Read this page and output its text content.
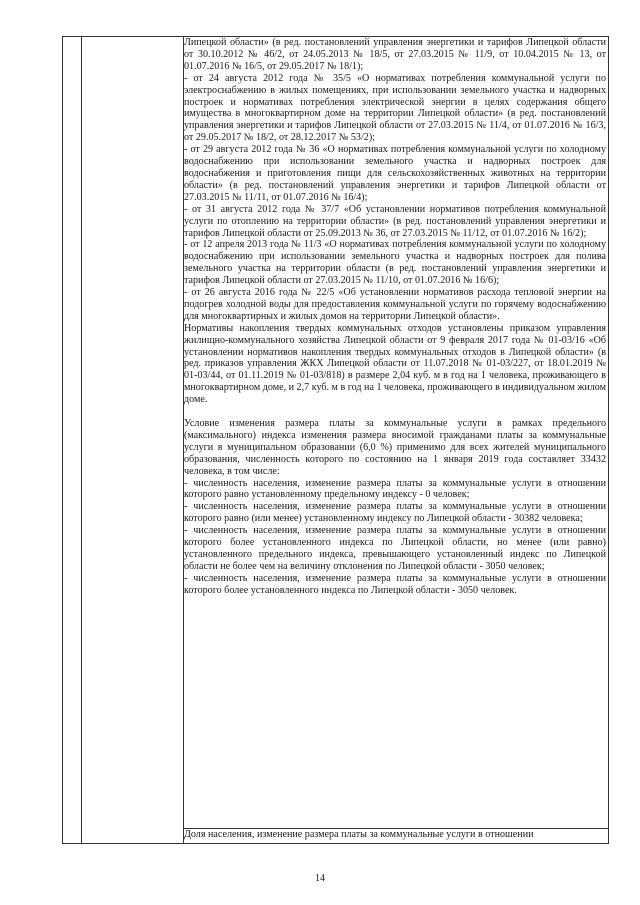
Липецкой области» (в ред. постановлений управления энергетики и тарифов Липецкой области от 30.10.2012 № 46/2, от 24.05.2013 № 18/5, от 27.03.2015 № 11/9, от 10.04.2015 № 13, от 01.07.2016 № 16/5, от 29.05.2017 № 18/1);

- от 24 августа 2012 года № 35/5 «О нормативах потребления коммунальной услуги по электроснабжению в жилых помещениях, при использовании земельного участка и надворных построек и нормативах потребления электрической энергии в целях содержания общего имущества в многоквартирном доме на территории Липецкой области» (в ред. постановлений управления энергетики и тарифов Липецкой области от 27.03.2015 № 11/4, от 01.07.2016 № 16/3, от 29.05.2017 № 18/2, от 28.12.2017 № 53/2);

- от 29 августа 2012 года № 36 «О нормативах потребления коммунальной услуги по холодному водоснабжению при использовании земельного участка и надворных построек для водоснабжения и приготовления пищи для сельскохозяйственных животных на территории области» (в ред. постановлений управления энергетики и тарифов Липецкой области от 27.03.2015 № 11/11, от 01.07.2016 № 16/4);

- от 31 августа 2012 года № 37/7 «Об установлении нормативов потребления коммунальной услуги по отоплению на территории области» (в ред. постановлений управления энергетики и тарифов Липецкой области от 25.09.2013 № 36, от 27.03.2015 № 11/12, от 01.07.2016 № 16/2);

- от 12 апреля 2013 года № 11/3 «О нормативах потребления коммунальной услуги по холодному водоснабжению при использовании земельного участка и надворных построек для полива земельного участка на территории области (в ред. постановлений управления энергетики и тарифов Липецкой области от 27.03.2015 № 11/10, от 01.07.2016 № 16/6);

- от 26 августа 2016 года № 22/5 «Об установлении нормативов расхода тепловой энергии на подогрев холодной воды для предоставления коммунальной услуги по горячему водоснабжению для многоквартирных и жилых домов на территории Липецкой области».

Нормативы накопления твердых коммунальных отходов установлены приказом управления жилищно-коммунального хозяйства Липецкой области от 9 февраля 2017 года № 01-03/16 «Об установлении нормативов накопления твердых коммунальных отходов в Липецкой области» (в ред. приказов управления ЖКХ Липецкой области от 11.07.2018 № 01-03/227, от 18.01.2019 № 01-03/44, от 01.11.2019 № 01-03/818) в размере 2,04 куб. м в год на 1 человека, проживающего в многоквартирном доме, и 2,7 куб. м в год на 1 человека, проживающего в индивидуальном жилом доме.

Условие изменения размера платы за коммунальные услуги в рамках предельного (максимального) индекса изменения размера вносимой гражданами платы за коммунальные услуги в муниципальном образовании (6,0 %) применимо для всех жителей муниципального образования, численность которого по состоянию на 1 января 2019 года составляет 33432 человека, в том числе:

- численность населения, изменение размера платы за коммунальные услуги в отношении которого равно установленному предельному индексу - 0 человек;

- численность населения, изменение размера платы за коммунальные услуги в отношении которого равно (или менее) установленному индексу по Липецкой области - 30382 человека;

- численность населения, изменение размера платы за коммунальные услуги в отношении которого более установленного индекса по Липецкой области, но менее (или равно) установленного предельного индекса, превышающего установленный индекс по Липецкой области не более чем на величину отклонения по Липецкой области - 3050 человек;

- численность населения, изменение размера платы за коммунальные услуги в отношении которого более установленного индекса по Липецкой области - 3050 человек.

Доля населения, изменение размера платы за коммунальные услуги в отношении
14
